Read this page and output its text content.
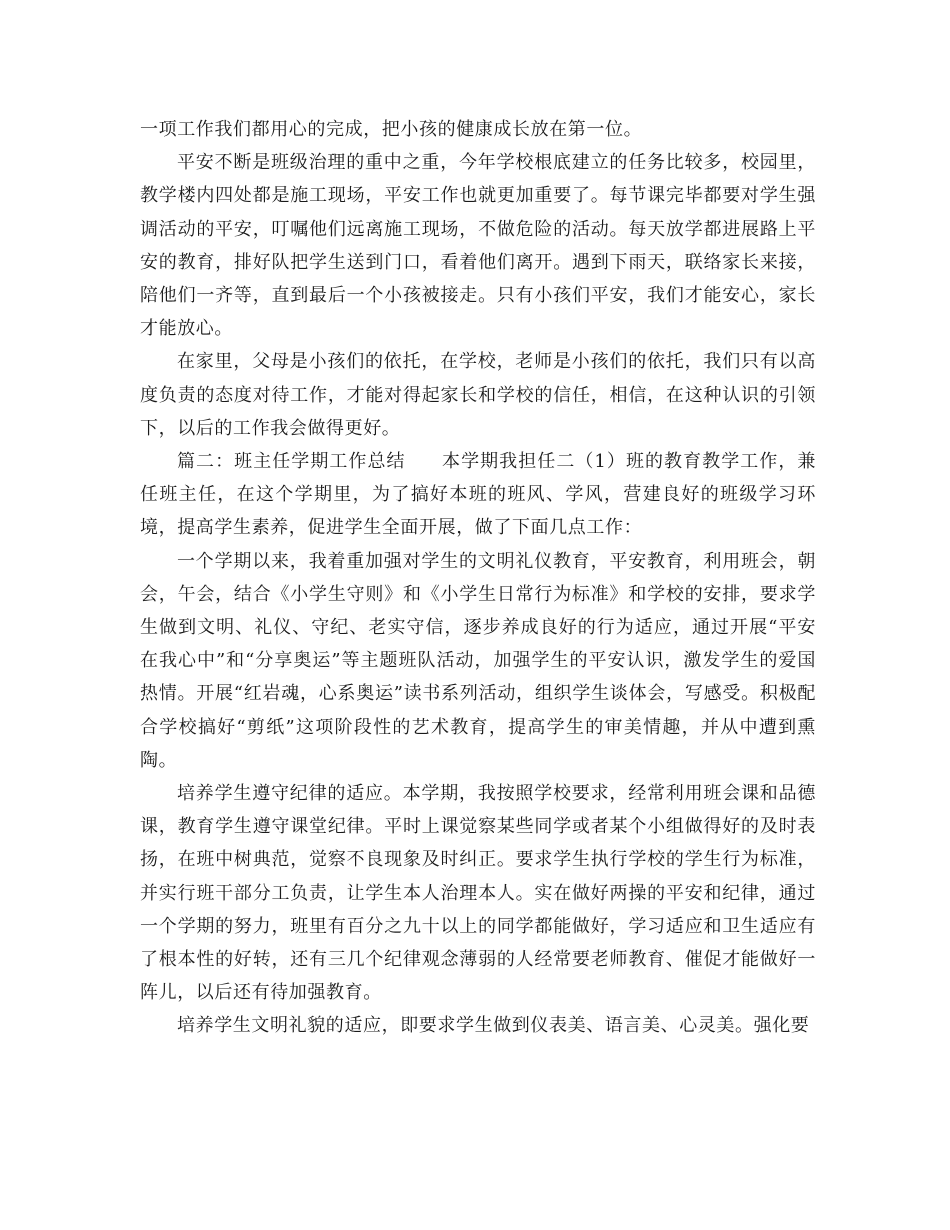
一项工作我们都用心的完成，把小孩的健康成长放在第一位。

平安不断是班级治理的重中之重，今年学校根底建立的任务比较多，校园里，教学楼内四处都是施工现场，平安工作也就更加重要了。每节课完毕都要对学生强调活动的平安，叮嘱他们远离施工现场，不做危险的活动。每天放学都进展路上平安的教育，排好队把学生送到门口，看着他们离开。遇到下雨天，联络家长来接，陪他们一齐等，直到最后一个小孩被接走。只有小孩们平安，我们才能安心，家长才能放心。

在家里，父母是小孩们的依托，在学校，老师是小孩们的依托，我们只有以高度负责的态度对待工作，才能对得起家长和学校的信任，相信，在这种认识的引领下，以后的工作我会做得更好。

篇二：班主任学期工作总结 本学期我担任二（1）班的教育教学工作，兼任班主任，在这个学期里，为了搞好本班的班风、学风，营建良好的班级学习环境，提高学生素养，促进学生全面开展，做了下面几点工作：

一个学期以来，我着重加强对学生的文明礼仪教育，平安教育，利用班会，朝会，午会，结合《小学生守则》和《小学生日常行为标准》和学校的安排，要求学生做到文明、礼仪、守纪、老实守信，逐步养成良好的行为适应，通过开展“平安在我心中”和“分享奥运”等主题班队活动，加强学生的平安认识，激发学生的爱国热情。开展“红岩魂，心系奥运”读书系列活动，组织学生谈体会，写感受。积极配合学校搞好“剪纸”这项阶段性的艺术教育，提高学生的审美情趣，并从中遭到熏陶。

培养学生遵守纪律的适应。本学期，我按照学校要求，经常利用班会课和品德课，教育学生遵守课堂纪律。平时上课觉察某些同学或者某个小组做得好的及时表扬，在班中树典范，觉察不良现象及时纠正。要求学生执行学校的学生行为标准，并实行班干部分工负责，让学生本人治理本人。实在做好两操的平安和纪律，通过一个学期的努力，班里有百分之九十以上的同学都能做好，学习适应和卫生适应有了根本性的好转，还有三几个纪律观念薄弱的人经常要老师教育、催促才能做好一阵儿，以后还有待加强教育。

培养学生文明礼貌的适应，即要求学生做到仪表美、语言美、心灵美。强化要
